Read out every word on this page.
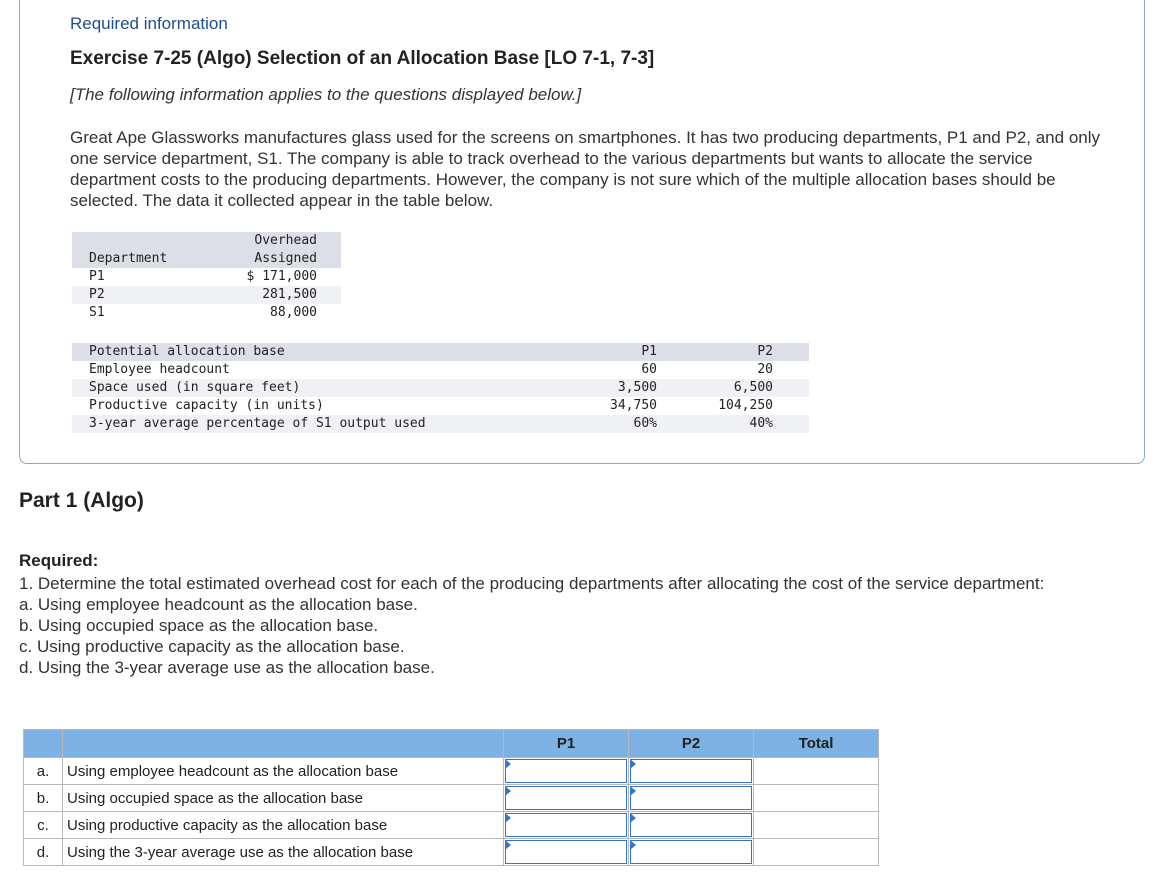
Required information
Exercise 7-25 (Algo) Selection of an Allocation Base [LO 7-1, 7-3]
[The following information applies to the questions displayed below.]

Great Ape Glassworks manufactures glass used for the screens on smartphones. It has two producing departments, P1 and P2, and only one service department, S1. The company is able to track overhead to the various departments but wants to allocate the service department costs to the producing departments. However, the company is not sure which of the multiple allocation bases should be selected. The data it collected appear in the table below.

Overhead
Department	Assigned
P1	$ 171,000
P2	281,500
S1	88,000
Potential allocation base	P1	P2
Employee headcount	60	20
Space used (in square feet)	3,500	6,500
Productive capacity (in units)	34,750	104,250
3-year average percentage of S1 output used	60%	40%
Part 1 (Algo)
Required:
1. Determine the total estimated overhead cost for each of the producing departments after allocating the cost of the service department:
a. Using employee headcount as the allocation base.
b. Using occupied space as the allocation base.
c. Using productive capacity as the allocation base.
d. Using the 3-year average use as the allocation base.
		P1	P2	Total
a.	Using employee headcount as the allocation base	

b.	Using occupied space as the allocation base	

c.	Using productive capacity as the allocation base	

d.	Using the 3-year average use as the allocation base	
